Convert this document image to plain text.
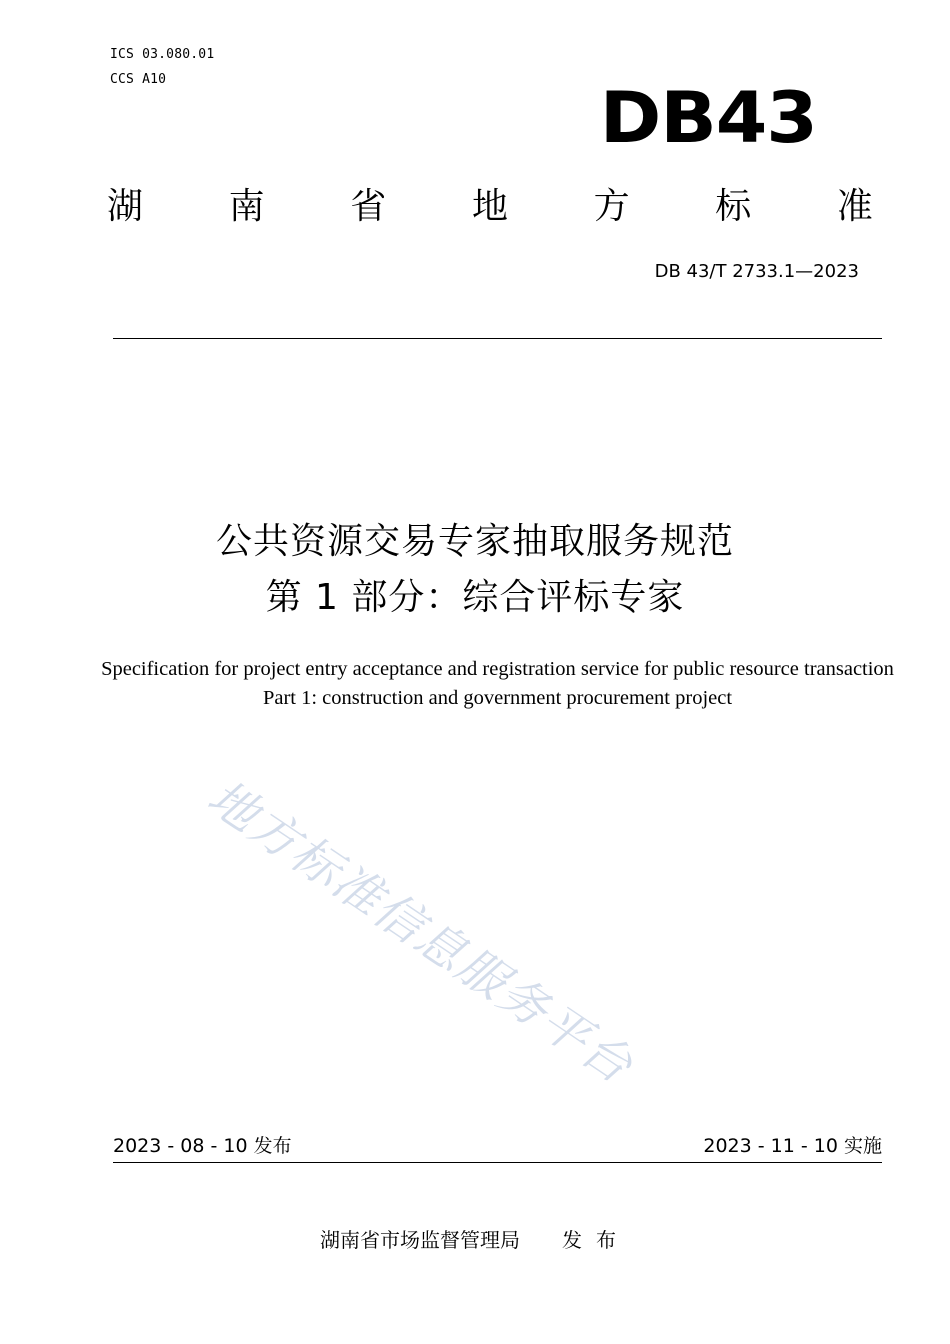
ICS 03.080.01
CCS A10	DB43
湖 南 省 地 方 标 准
DB 43/T 2733.1—2023
公共资源交易专家抽取服务规范
第 1 部分：综合评标专家
Specification for project entry acceptance and registration service for public resource transaction Part 1: construction and government procurement project
地方标准信息服务平台
2023 - 08 - 10 发布	2023 - 11 - 10 实施
湖南省市场监督管理局 发布
